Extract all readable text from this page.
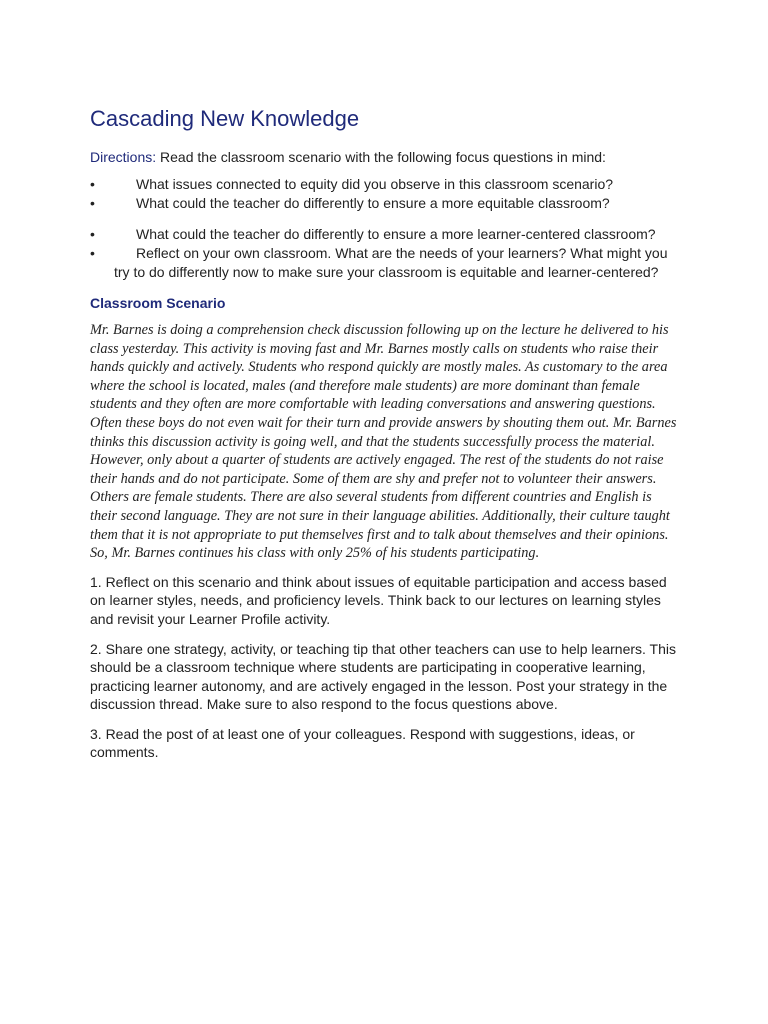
Cascading New Knowledge

Directions: Read the classroom scenario with the following focus questions in mind:

•	What issues connected to equity did you observe in this classroom scenario?
•	What could the teacher do differently to ensure a more equitable classroom?
•	What could the teacher do differently to ensure a more learner-centered classroom?
•	Reflect on your own classroom. What are the needs of your learners? What might you try to do differently now to make sure your classroom is equitable and learner-centered?
Classroom Scenario

Mr. Barnes is doing a comprehension check discussion following up on the lecture he delivered to his class yesterday. This activity is moving fast and Mr. Barnes mostly calls on students who raise their hands quickly and actively. Students who respond quickly are mostly males. As customary to the area where the school is located, males (and therefore male students) are more dominant than female students and they often are more comfortable with leading conversations and answering questions. Often these boys do not even wait for their turn and provide answers by shouting them out. Mr. Barnes thinks this discussion activity is going well, and that the students successfully process the material. However, only about a quarter of students are actively engaged. The rest of the students do not raise their hands and do not participate. Some of them are shy and prefer not to volunteer their answers. Others are female students. There are also several students from different countries and English is their second language. They are not sure in their language abilities. Additionally, their culture taught them that it is not appropriate to put themselves first and to talk about themselves and their opinions. So, Mr. Barnes continues his class with only 25% of his students participating.

1. Reflect on this scenario and think about issues of equitable participation and access based on learner styles, needs, and proficiency levels. Think back to our lectures on learning styles and revisit your Learner Profile activity.

2. Share one strategy, activity, or teaching tip that other teachers can use to help learners. This should be a classroom technique where students are participating in cooperative learning, practicing learner autonomy, and are actively engaged in the lesson. Post your strategy in the discussion thread. Make sure to also respond to the focus questions above.

3. Read the post of at least one of your colleagues. Respond with suggestions, ideas, or comments.
